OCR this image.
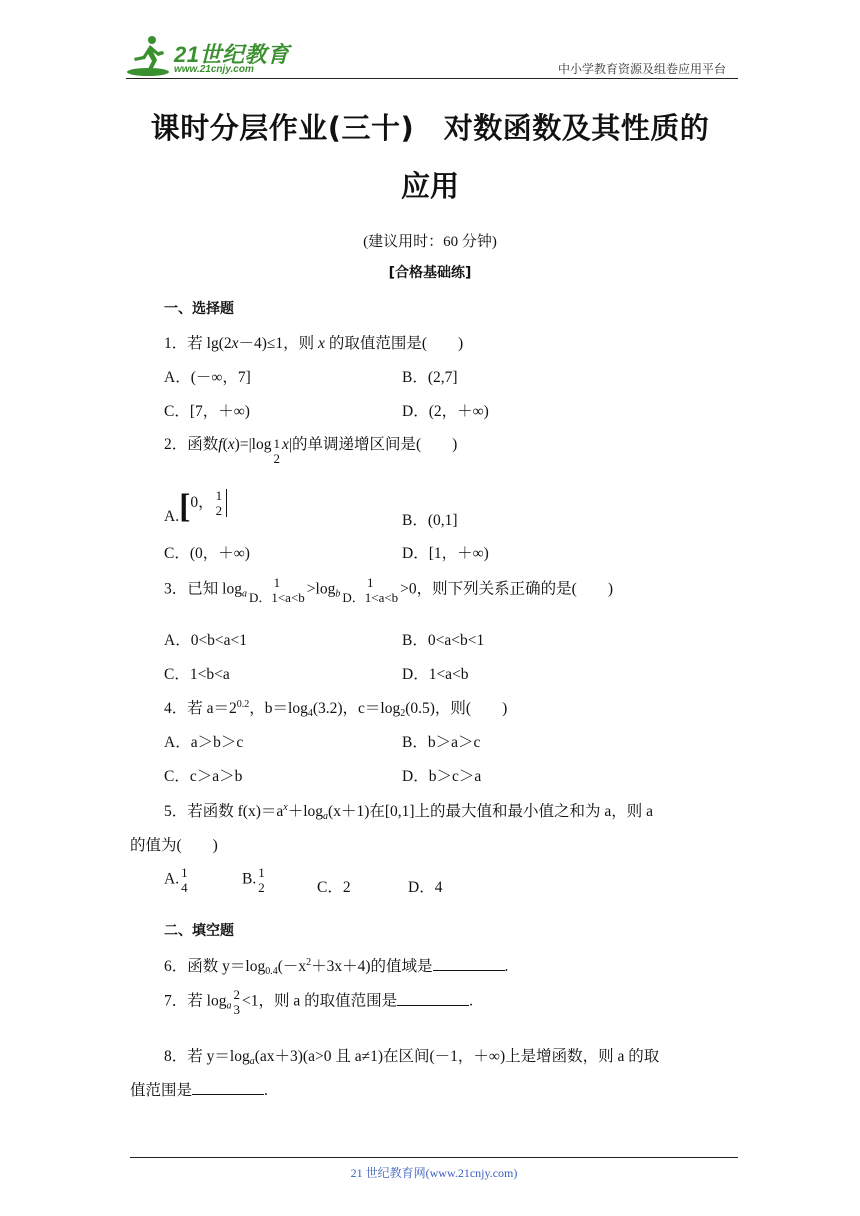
21世纪教育
www.21cnjy.com	中小学教育资源及组卷应用平台
课时分层作业(三十)　对数函数及其性质的
应用
(建议用时：60 分钟)
[合格基础练]
一、选择题
1．若 lg(2x－4)≤1，则 x 的取值范围是(　　)
A．(－∞，7]	B．(2,7]
C．[7，＋∞)	D．(2，＋∞)
2．函数f(x)=|log 1
2
x|的单调递增区间是(　　)
A.[0， 1
2
B．(0,1]
C．(0，＋∞)	D．[1，＋∞)
3．已知 $\log_a$
1
D．$1<a<b >\log_b$
1
D．1<a<b >0，则下列关系正确的是(　　)
A．0<b<a<1	B．0<a<b<1
C．1<b<a	D．1<a<b
4．若 $a=2^{0.2}$，$b=\log_4(3.2)$，$c=\log_2(0.5)$，则(　　)
A．a＞b＞c	B．b＞a＞c
C．c＞a＞b	D．b＞c＞a
5．若函数 $f(x)=a^x+\log_a(x+1)$在[0,1]上的最大值和最小值之和为 a，则 a
的值为(　　)
A. 1
4	B. 1
2	C．2	D．4
二、填空题
6．函数 $y=\log_{0.4}(-x^2+3x+4)$的值域是	.
7．若 $\log_a$
2
3 <1，则 a 的取值范围是	.
8．若 $y=\log_a(ax+3)(a>0$ 且 a≠1)在区间(－1，＋∞)上是增函数，则 a 的取
值范围是	.
21 世纪教育网(www.21cnjy.com)
